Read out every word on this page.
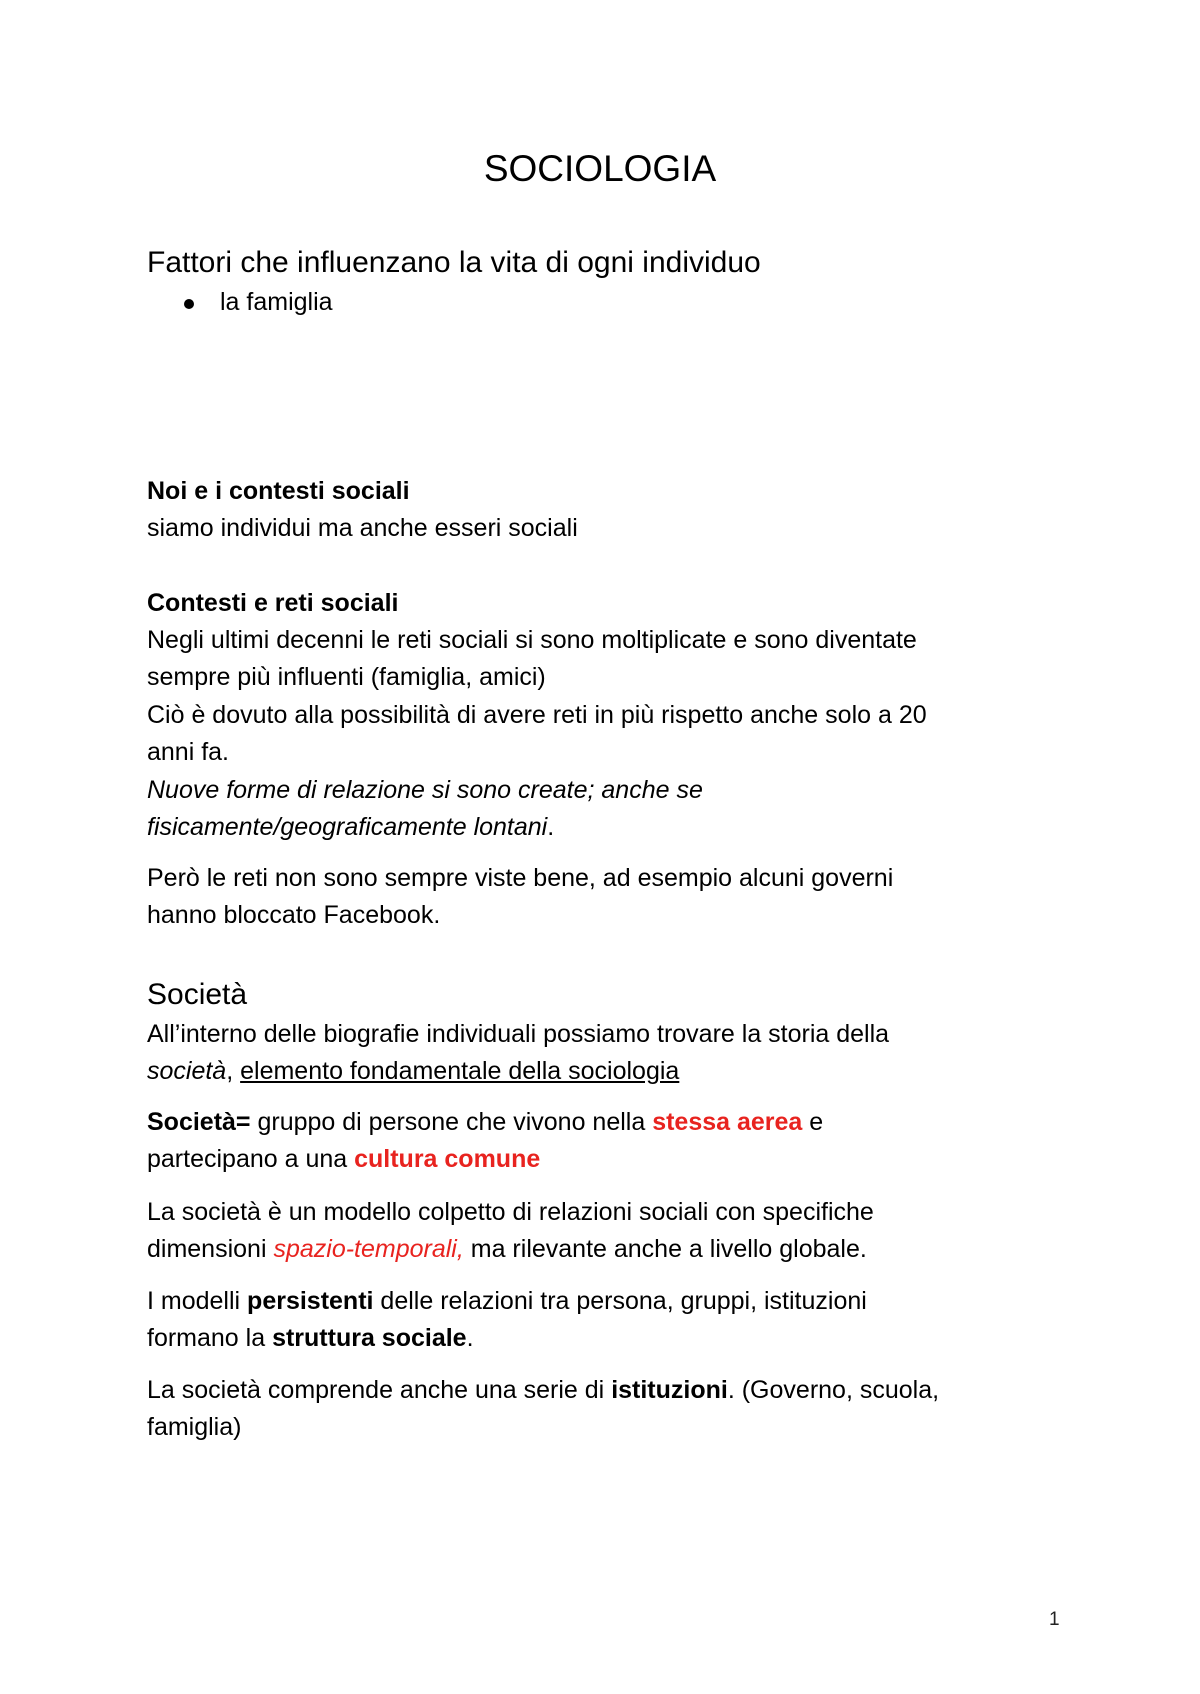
SOCIOLOGIA
Fattori che influenzano la vita di ogni individuo
la famiglia
Noi e i contesti sociali

siamo individui ma anche esseri sociali

Contesti e reti sociali

Negli ultimi decenni le reti sociali si sono moltiplicate e sono diventate

sempre più influenti (famiglia, amici)

Ciò è dovuto alla possibilità di avere reti in più rispetto anche solo a 20

anni fa.

Nuove forme di relazione si sono create; anche se

fisicamente/geograficamente lontani.

Però le reti non sono sempre viste bene, ad esempio alcuni governi

hanno bloccato Facebook.

Società

All’interno delle biografie individuali possiamo trovare la storia della

società, elemento fondamentale della sociologia

Società= gruppo di persone che vivono nella stessa aerea e

partecipano a una cultura comune

La società è un modello colpetto di relazioni sociali con specifiche

dimensioni spazio-temporali, ma rilevante anche a livello globale.

I modelli persistenti delle relazioni tra persona, gruppi, istituzioni

formano la struttura sociale.

La società comprende anche una serie di istituzioni. (Governo, scuola,

famiglia)

1
